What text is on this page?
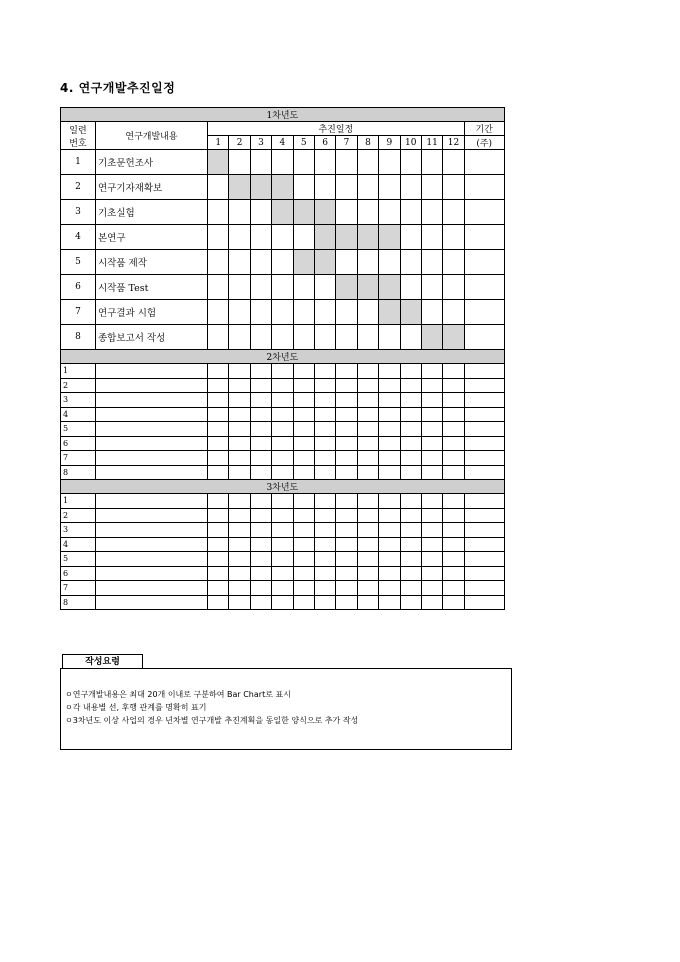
4. 연구개발추진일정
1차년도														
일련
번호	연구개발내용	추진일정												기간
		1	2	3	4	5	6	7	8	9	10	11	12	(주)
1	기초문헌조사													
2	연구기자재확보													
3	기초실험													
4	본연구													
5	시작품 제작													
6	시작품 Test													
7	연구결과 시험													
8	종합보고서 작성													
2차년도														
1														
2														
3														
4														
5														
6														
7														
8														
3차년도														
1														
2														
3														
4														
5														
6														
7														
8														
작성요령
ㅇ연구개발내용은 최대 20개 이내로 구분하여 Bar Chart로 표시
ㅇ각 내용별 선, 후행 관계를 명확히 표기
ㅇ3차년도 이상 사업의 경우 년차별 연구개발 추진계획을 동일한 양식으로 추가 작성
